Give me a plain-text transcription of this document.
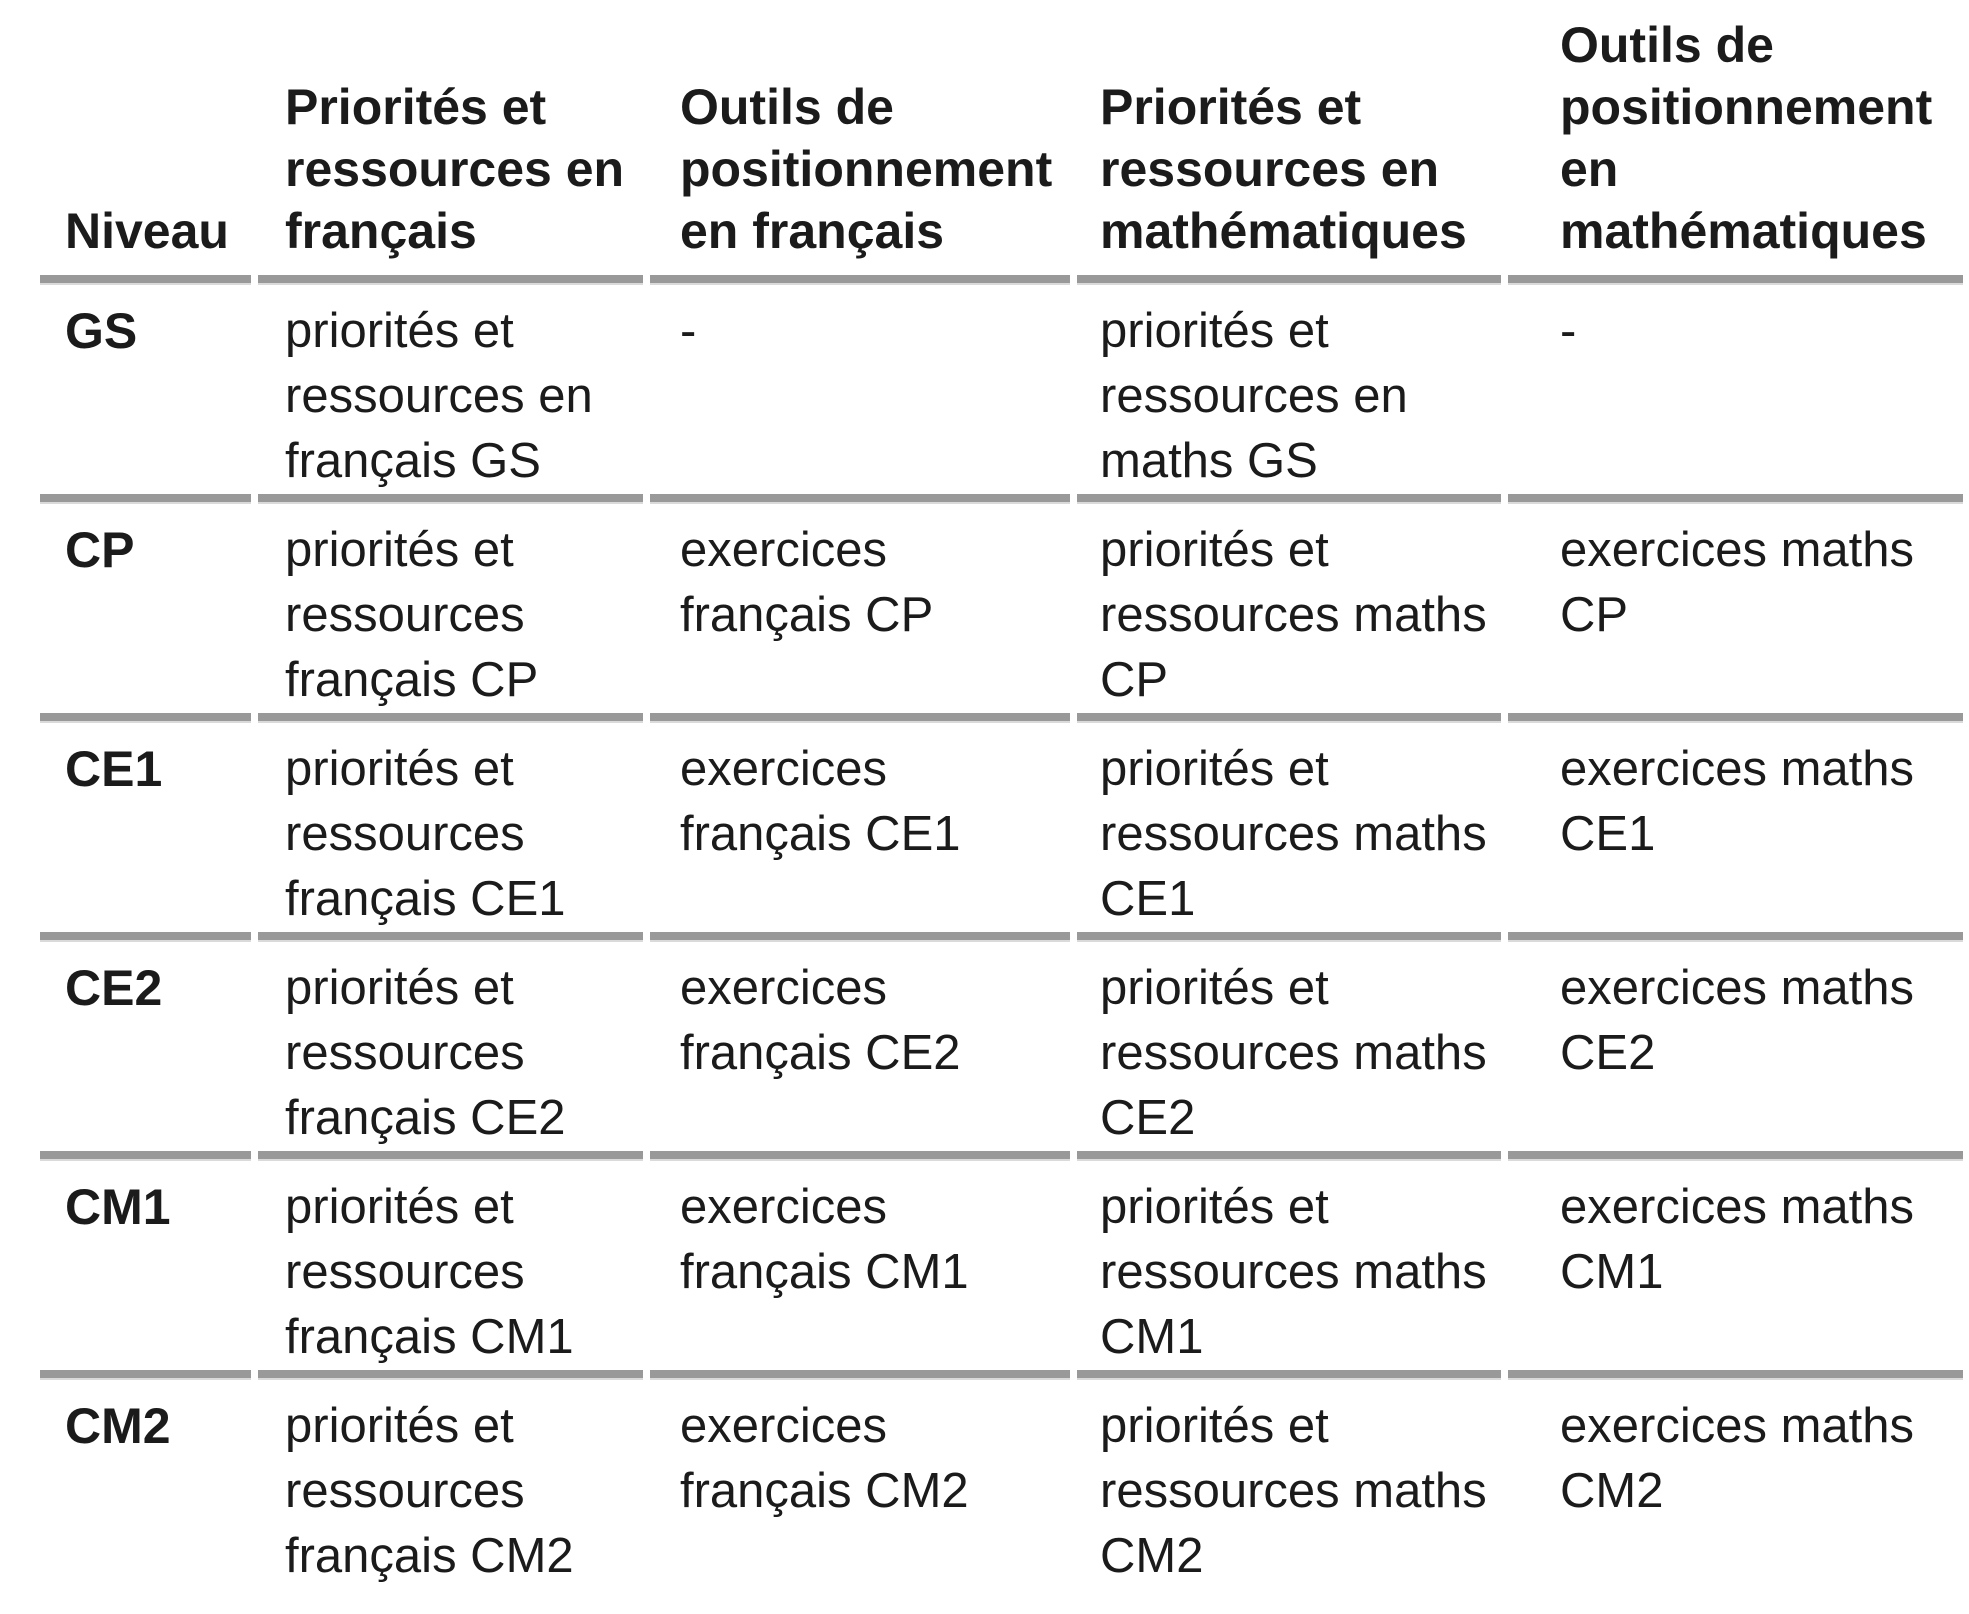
Niveau	Priorités et ressources en français	Outils de positionnement en français	Priorités et ressources en mathématiques	Outils de positionnement en mathématiques
GS	priorités et ressources en français GS	-	priorités et ressources en maths GS	-
CP	priorités et ressources français CP	exercices français CP	priorités et ressources maths CP	exercices maths CP
CE1	priorités et ressources français CE1	exercices français CE1	priorités et ressources maths CE1	exercices maths CE1
CE2	priorités et ressources français CE2	exercices français CE2	priorités et ressources maths CE2	exercices maths CE2
CM1	priorités et ressources français CM1	exercices français CM1	priorités et ressources maths CM1	exercices maths CM1
CM2	priorités et ressources français CM2	exercices français CM2	priorités et ressources maths CM2	exercices maths CM2
